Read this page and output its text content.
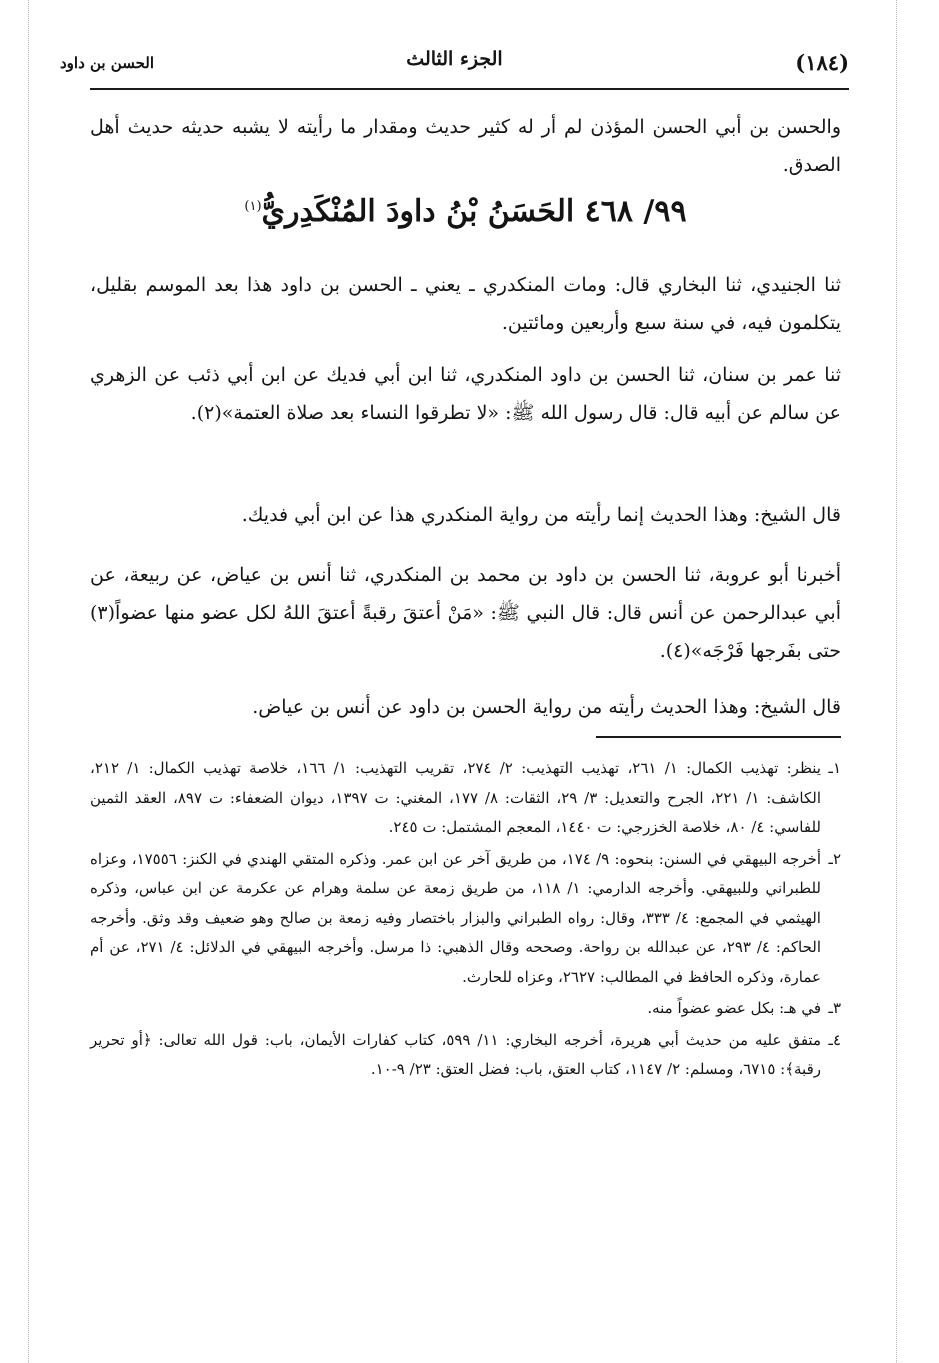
(١٨٤)
الجزء الثالث
الحسن بن داود
والحسن بن أبي الحسن المؤذن لم أر له كثير حديث ومقدار ما رأيته لا يشبه حديثه حديث أهل الصدق.
٩٩/ ٤٦٨ الحَسَنُ بْنُ داودَ المُنْكَدِريُّ$^{(١)}$
ثنا الجنيدي، ثنا البخاري قال: ومات المنكدري ـ يعني ـ الحسن بن داود هذا بعد الموسم بقليل، يتكلمون فيه، في سنة سبع وأربعين ومائتين.
ثنا عمر بن سنان، ثنا الحسن بن داود المنكدري، ثنا ابن أبي فديك عن ابن أبي ذئب عن الزهري عن سالم عن أبيه قال: قال رسول الله ﷺ: «لا تطرقوا النساء بعد صلاة العتمة»(٢).
قال الشيخ: وهذا الحديث إنما رأيته من رواية المنكدري هذا عن ابن أبي فديك.
أخبرنا أبو عروبة، ثنا الحسن بن داود بن محمد بن المنكدري، ثنا أنس بن عياض، عن ربيعة، عن أبي عبدالرحمن عن أنس قال: قال النبي ﷺ: «مَنْ أعتقَ رقبةً أعتقَ اللهُ لكل عضو منها عضواً(٣) حتى بفَرجها فَرْجَه»(٤).
قال الشيخ: وهذا الحديث رأيته من رواية الحسن بن داود عن أنس بن عياض.
١ـ
ينظر: تهذيب الكمال: ١/ ٢٦١، تهذيب التهذيب: ٢/ ٢٧٤، تقريب التهذيب: ١/ ١٦٦، خلاصة تهذيب الكمال: ١/ ٢١٢، الكاشف: ١/ ٢٢١، الجرح والتعديل: ٣/ ٢٩، الثقات: ٨/ ١٧٧، المغني: ت ١٣٩٧، ديوان الضعفاء: ت ٨٩٧، العقد الثمين للفاسي: ٤/ ٨٠، خلاصة الخزرجي: ت ١٤٤٠، المعجم المشتمل: ت ٢٤٥.
٢ـ
أخرجه البيهقي في السنن: بنحوه: ٩/ ١٧٤، من طريق آخر عن ابن عمر. وذكره المتقي الهندي في الكنز: ١٧٥٥٦، وعزاه للطبراني وللبيهقي. وأخرجه الدارمي: ١/ ١١٨، من طريق زمعة عن سلمة وهرام عن عكرمة عن ابن عباس، وذكره الهيثمي في المجمع: ٤/ ٣٣٣، وقال: رواه الطبراني والبزار باختصار وفيه زمعة بن صالح وهو ضعيف وقد وثق. وأخرجه الحاكم: ٤/ ٢٩٣، عن عبدالله بن رواحة. وصححه وقال الذهبي: ذا مرسل. وأخرجه البيهقي في الدلائل: ٤/ ٢٧١، عن أم عمارة، وذكره الحافظ في المطالب: ٢٦٢٧، وعزاه للحارث.
٣ـ
في هـ: بكل عضو عضواً منه.
٤ـ
متفق عليه من حديث أبي هريرة، أخرجه البخاري: ١١/ ٥٩٩، كتاب كفارات الأيمان، باب: قول الله تعالى: ﴿أو تحرير رقبة﴾: ٦٧١٥، ومسلم: ٢/ ١١٤٧، كتاب العتق، باب: فضل العتق: ٢٣/ ٩-١٠.
